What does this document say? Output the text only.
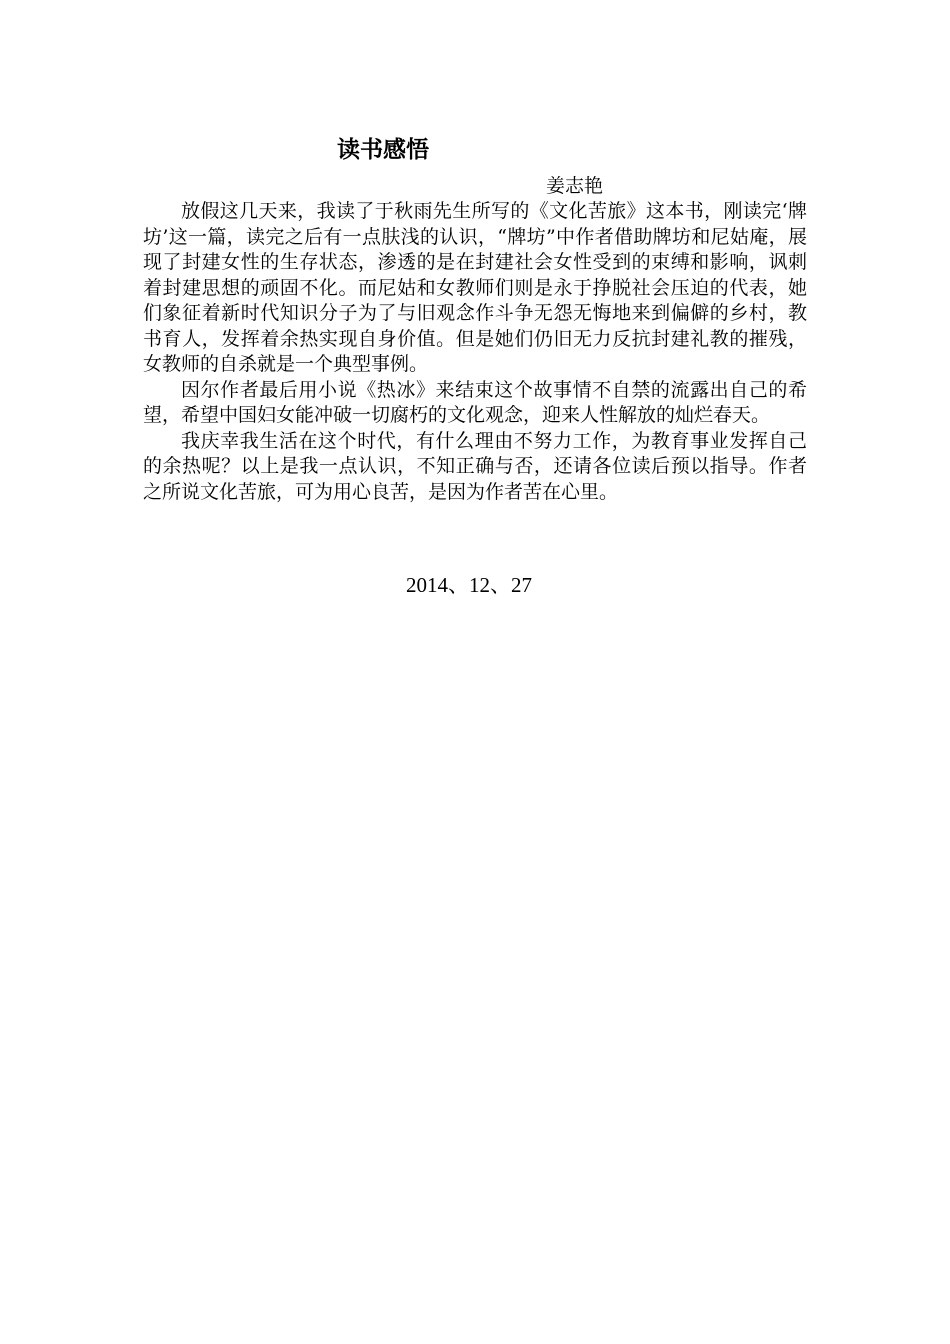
读书感悟
姜志艳

放假这几天来，我读了于秋雨先生所写的《文化苦旅》这本书，刚读完‘牌坊’这一篇，读完之后有一点肤浅的认识，“牌坊”中作者借助牌坊和尼姑庵，展现了封建女性的生存状态，渗透的是在封建社会女性受到的束缚和影响，讽刺着封建思想的顽固不化。而尼姑和女教师们则是永于挣脱社会压迫的代表，她们象征着新时代知识分子为了与旧观念作斗争无怨无悔地来到偏僻的乡村，教书育人，发挥着余热实现自身价值。但是她们仍旧无力反抗封建礼教的摧残，女教师的自杀就是一个典型事例。

因尔作者最后用小说《热冰》来结束这个故事情不自禁的流露出自己的希望，希望中国妇女能冲破一切腐朽的文化观念，迎来人性解放的灿烂春天。

我庆幸我生活在这个时代，有什么理由不努力工作，为教育事业发挥自己的余热呢？以上是我一点认识，不知正确与否，还请各位读后预以指导。作者之所说文化苦旅，可为用心良苦，是因为作者苦在心里。

2014、12、27
